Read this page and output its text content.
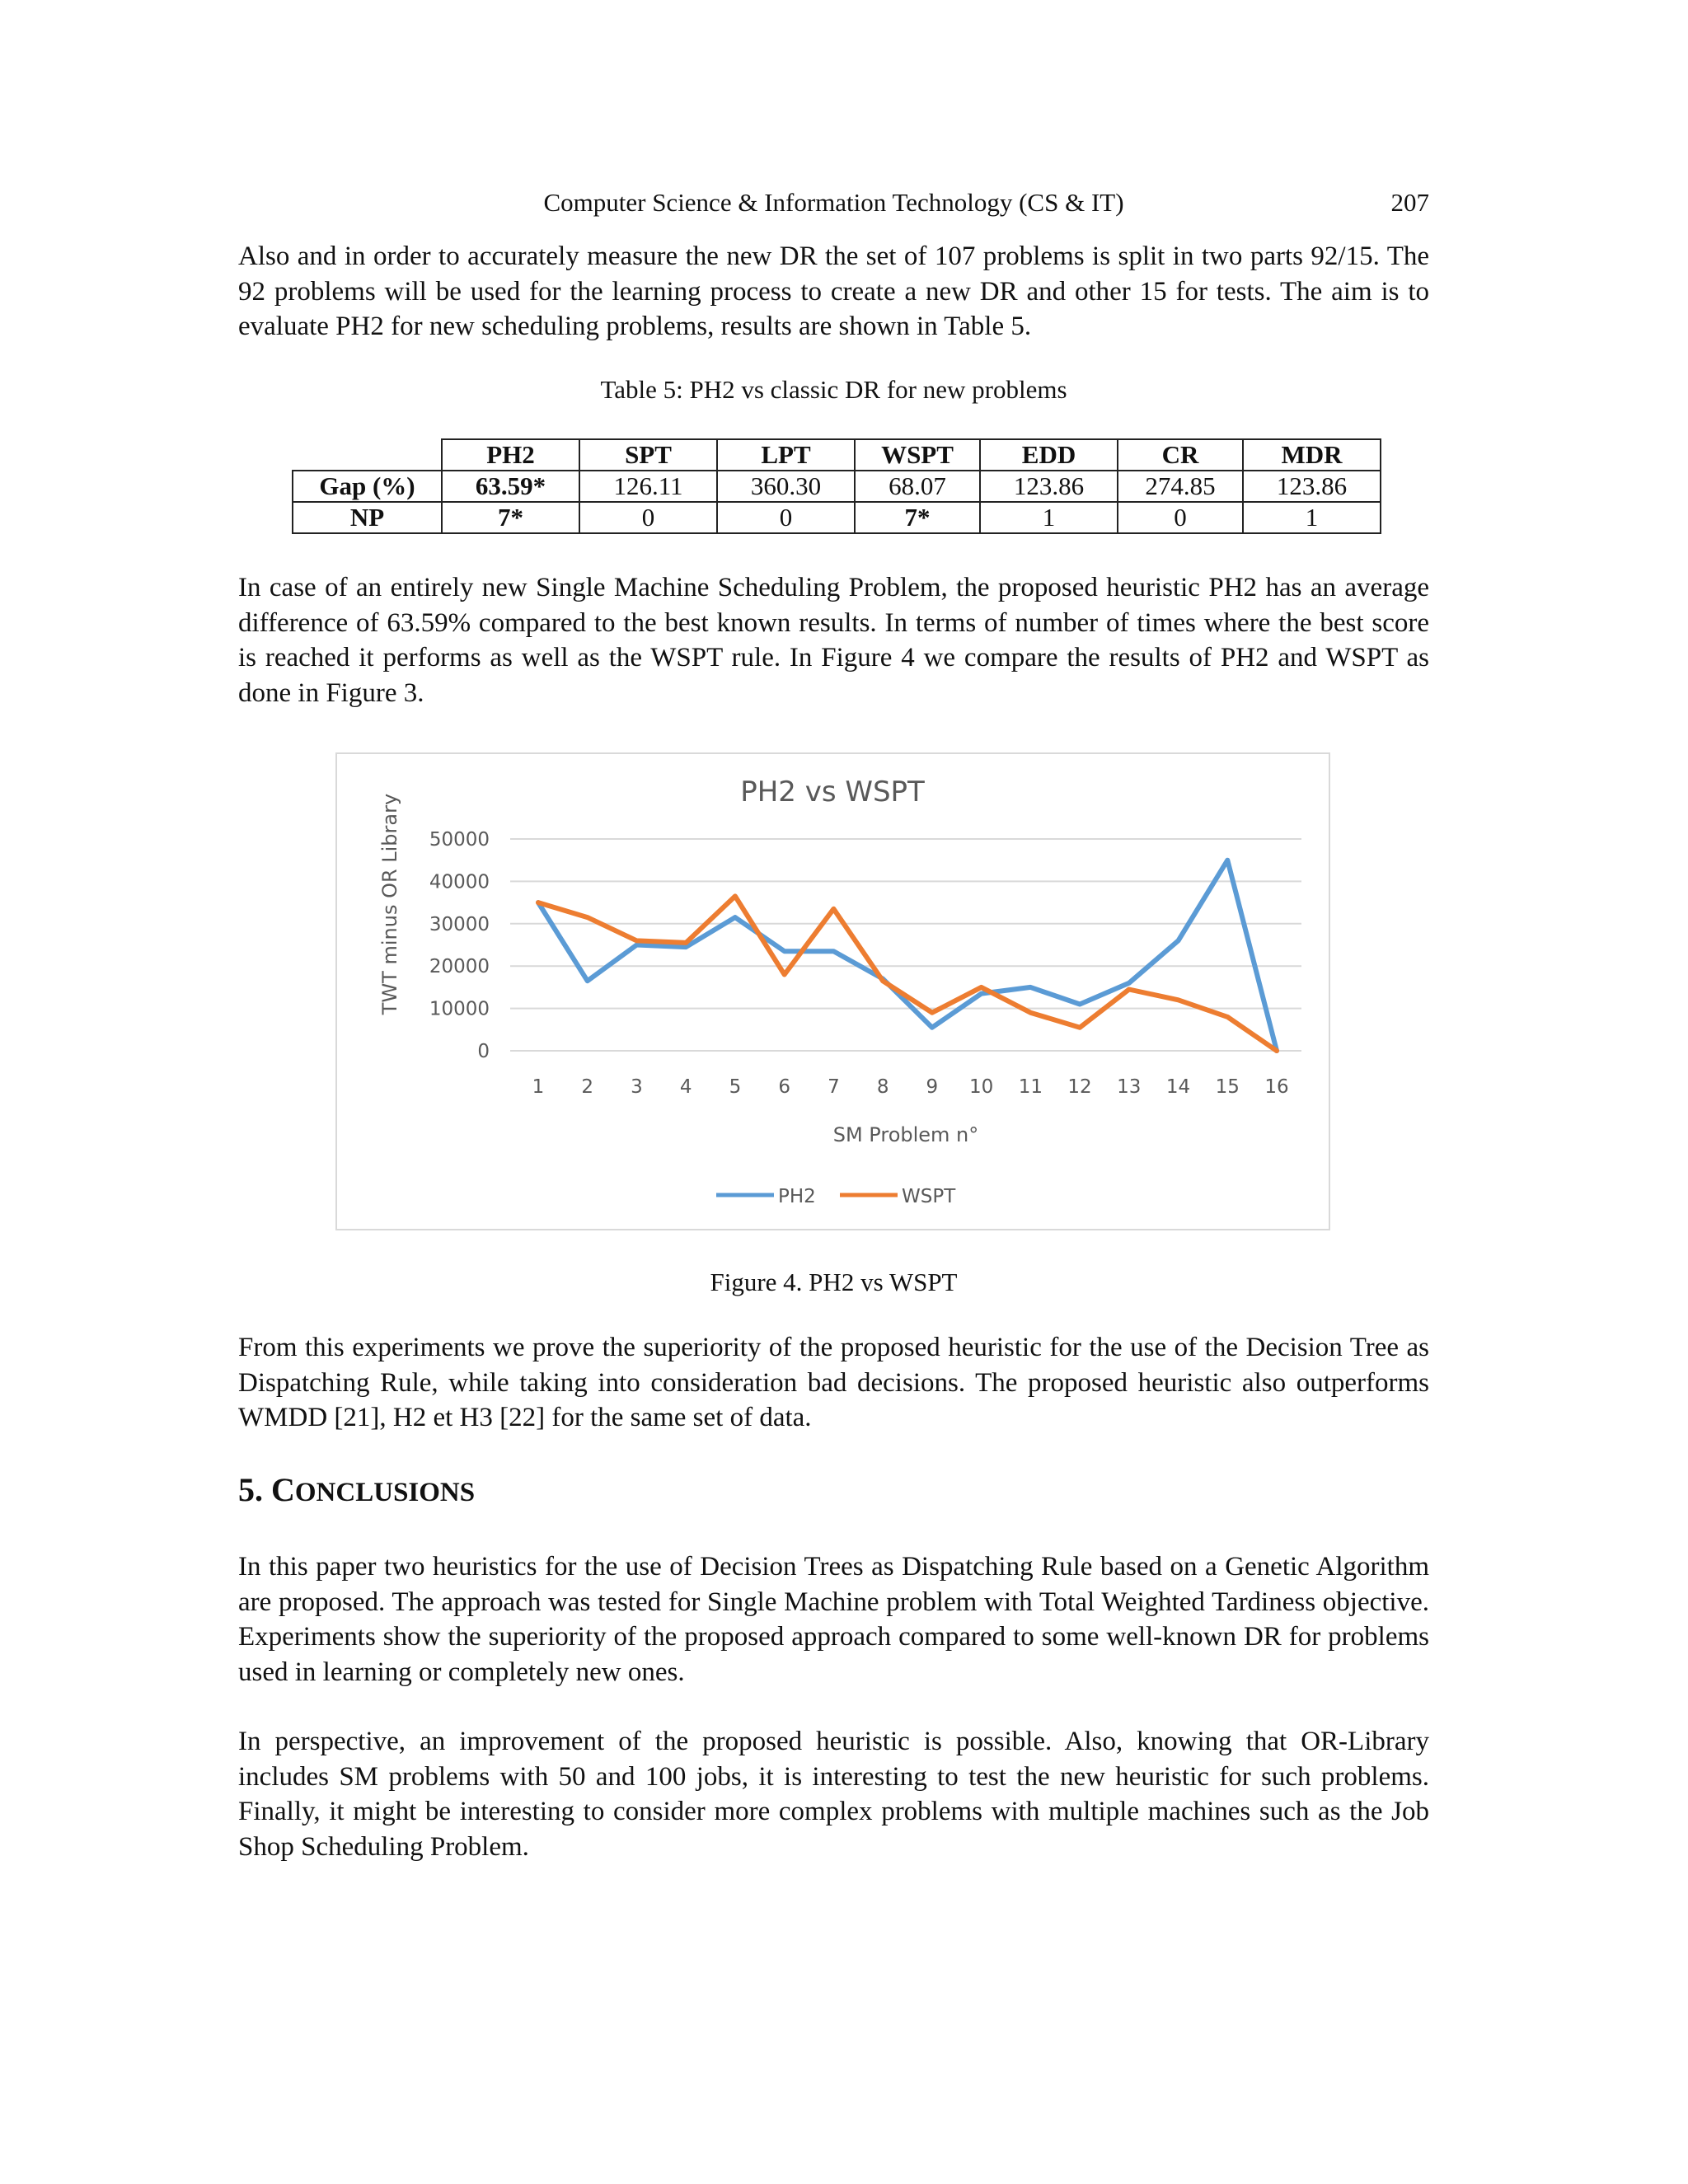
Computer Science & Information Technology (CS & IT)	207

Also and in order to accurately measure the new DR the set of 107 problems is split in two parts 92/15. The 92 problems will be used for the learning process to create a new DR and other 15 for tests. The aim is to evaluate PH2 for new scheduling problems, results are shown in Table 5.

Table 5: PH2 vs classic DR for new problems
	PH2	SPT	LPT	WSPT	EDD	CR	MDR
Gap (%)	63.59*	126.11	360.30	68.07	123.86	274.85	123.86
NP	7*	0	0	7*	1	0	1

In case of an entirely new Single Machine Scheduling Problem, the proposed heuristic PH2 has an average difference of 63.59% compared to the best known results. In terms of number of times where the best score is reached it performs as well as the WSPT rule. In Figure 4 we compare the results of PH2 and WSPT as done in Figure 3.

PH2 vs WSPT
0
10000
20000
30000
40000
50000
1 2 3 4 5 6 7 8 9 10 11 12 13 14 15 16
TWT minus OR Library
SM Problem n°
PH2	WSPT
Figure 4. PH2 vs WSPT

From this experiments we prove the superiority of the proposed heuristic for the use of the Decision Tree as Dispatching Rule, while taking into consideration bad decisions. The proposed heuristic also outperforms WMDD [21], H2 et H3 [22] for the same set of data.

5. CONCLUSIONS

In this paper two heuristics for the use of Decision Trees as Dispatching Rule based on a Genetic Algorithm are proposed. The approach was tested for Single Machine problem with Total Weighted Tardiness objective. Experiments show the superiority of the proposed approach compared to some well-known DR for problems used in learning or completely new ones.

In perspective, an improvement of the proposed heuristic is possible. Also, knowing that OR-Library includes SM problems with 50 and 100 jobs, it is interesting to test the new heuristic for such problems. Finally, it might be interesting to consider more complex problems with multiple machines such as the Job Shop Scheduling Problem.
